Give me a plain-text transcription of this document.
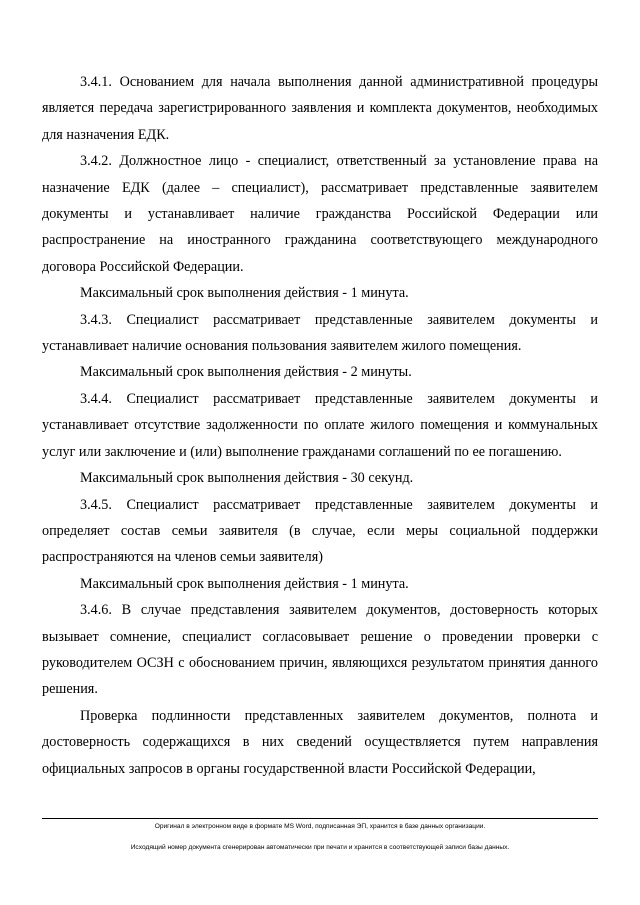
3.4.1. Основанием для начала выполнения данной административной процедуры является передача зарегистрированного заявления и комплекта документов, необходимых для назначения ЕДК.

3.4.2. Должностное лицо - специалист, ответственный за установление права на назначение ЕДК (далее – специалист), рассматривает представленные заявителем документы и устанавливает наличие гражданства Российской Федерации или распространение на иностранного гражданина соответствующего международного договора Российской Федерации.

Максимальный срок выполнения действия - 1 минута.

3.4.3. Специалист рассматривает представленные заявителем документы и устанавливает наличие основания пользования заявителем жилого помещения.

Максимальный срок выполнения действия - 2 минуты.

3.4.4. Специалист рассматривает представленные заявителем документы и устанавливает отсутствие задолженности по оплате жилого помещения и коммунальных услуг или заключение и (или) выполнение гражданами соглашений по ее погашению.

Максимальный срок выполнения действия - 30 секунд.

3.4.5. Специалист рассматривает представленные заявителем документы и определяет состав семьи заявителя (в случае, если меры социальной поддержки распространяются на членов семьи заявителя)

Максимальный срок выполнения действия - 1 минута.

3.4.6. В случае представления заявителем документов, достоверность которых вызывает сомнение, специалист согласовывает решение о проведении проверки с руководителем ОСЗН с обоснованием причин, являющихся результатом принятия данного решения.

Проверка подлинности представленных заявителем документов, полнота и достоверность содержащихся в них сведений осуществляется путем направления официальных запросов в органы государственной власти Российской Федерации,

Оригинал в электронном виде в формате MS Word, подписанная ЭП, хранится в базе данных организации.
Исходящий номер документа сгенерирован автоматически при печати и хранится в соответствующей записи базы данных.
